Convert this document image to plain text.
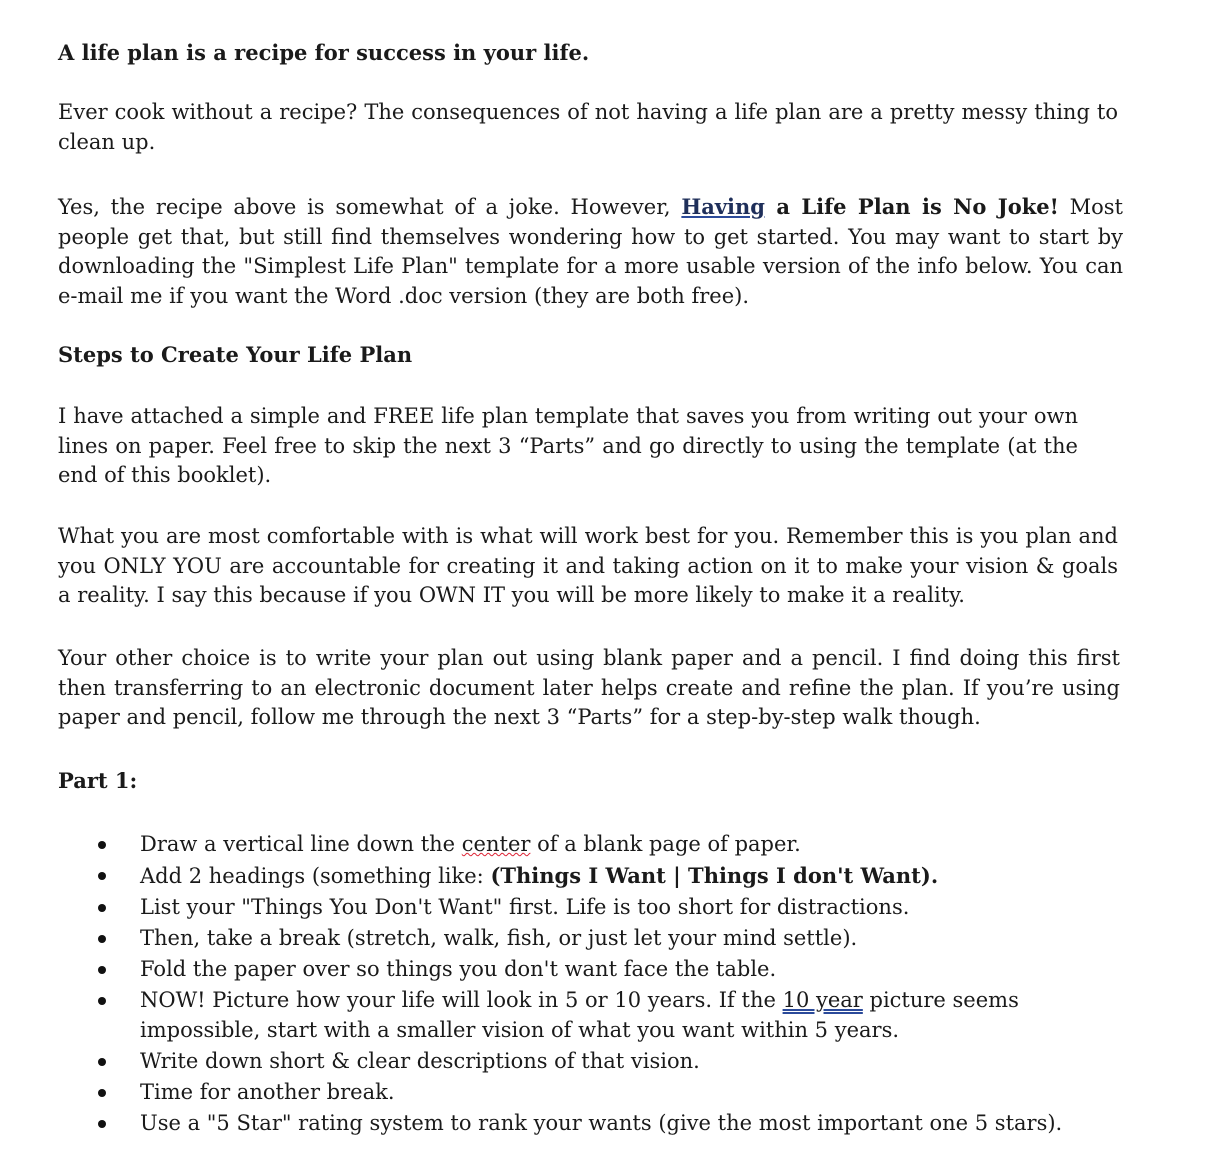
A life plan is a recipe for success in your life.

Ever cook without a recipe? The consequences of not having a life plan are a pretty messy thing to clean up.

Yes, the recipe above is somewhat of a joke. However, Having a Life Plan is No Joke! Most people get that, but still find themselves wondering how to get started. You may want to start by downloading the "Simplest Life Plan" template for a more usable version of the info below. You can e-mail me if you want the Word .doc version (they are both free).

Steps to Create Your Life Plan

I have attached a simple and FREE life plan template that saves you from writing out your own lines on paper. Feel free to skip the next 3 “Parts” and go directly to using the template (at the end of this booklet).

What you are most comfortable with is what will work best for you. Remember this is you plan and you ONLY YOU are accountable for creating it and taking action on it to make your vision & goals a reality. I say this because if you OWN IT you will be more likely to make it a reality.

Your other choice is to write your plan out using blank paper and a pencil. I find doing this first then transferring to an electronic document later helps create and refine the plan. If you’re using paper and pencil, follow me through the next 3 “Parts” for a step-by-step walk though.

Part 1:

Draw a vertical line down the center of a blank page of paper.
Add 2 headings (something like: (Things I Want | Things I don't Want).
List your "Things You Don't Want" first. Life is too short for distractions.
Then, take a break (stretch, walk, fish, or just let your mind settle).
Fold the paper over so things you don't want face the table.
NOW! Picture how your life will look in 5 or 10 years. If the 10 year picture seems impossible, start with a smaller vision of what you want within 5 years.
Write down short & clear descriptions of that vision.
Time for another break.
Use a "5 Star" rating system to rank your wants (give the most important one 5 stars).
